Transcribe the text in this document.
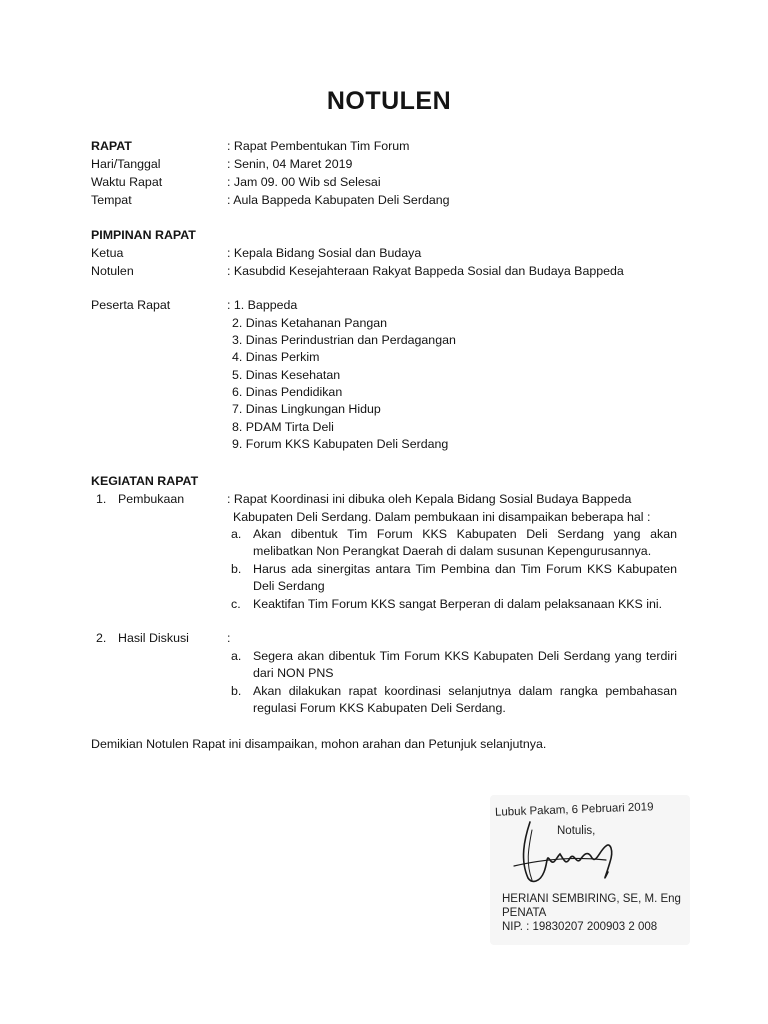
NOTULEN
RAPAT	: Rapat Pembentukan Tim Forum
Hari/Tanggal	: Senin, 04 Maret 2019
Waktu Rapat	: Jam 09. 00 Wib sd Selesai
Tempat	: Aula Bappeda Kabupaten Deli Serdang
PIMPINAN RAPAT
Ketua	: Kepala Bidang Sosial dan Budaya
Notulen	: Kasubdid Kesejahteraan Rakyat Bappeda Sosial dan Budaya Bappeda
Peserta Rapat	: 1. Bappeda
2. Dinas Ketahanan Pangan
3. Dinas Perindustrian dan Perdagangan
4. Dinas Perkim
5. Dinas Kesehatan
6. Dinas Pendidikan
7. Dinas Lingkungan Hidup
8. PDAM Tirta Deli
9. Forum KKS Kabupaten Deli Serdang
KEGIATAN RAPAT
1. Pembukaan	: Rapat Koordinasi ini dibuka oleh Kepala Bidang Sosial Budaya Bappeda
Kabupaten Deli Serdang. Dalam pembukaan ini disampaikan beberapa hal :
a. Akan dibentuk Tim Forum KKS Kabupaten Deli Serdang yang akan
melibatkan Non Perangkat Daerah di dalam susunan Kepengurusannya.
b. Harus ada sinergitas antara Tim Pembina dan Tim Forum KKS Kabupaten
Deli Serdang
c. Keaktifan Tim Forum KKS sangat Berperan di dalam pelaksanaan KKS ini.
2. Hasil Diskusi	:
a. Segera akan dibentuk Tim Forum KKS Kabupaten Deli Serdang yang terdiri
dari NON PNS
b. Akan dilakukan rapat koordinasi selanjutnya dalam rangka pembahasan
regulasi Forum KKS Kabupaten Deli Serdang.
Demikian Notulen Rapat ini disampaikan, mohon arahan dan Petunjuk selanjutnya.
Lubuk Pakam, 6 Pebruari 2019
Notulis,
HERIANI SEMBIRING, SE, M. Eng
PENATA
NIP. : 19830207 200903 2 008
